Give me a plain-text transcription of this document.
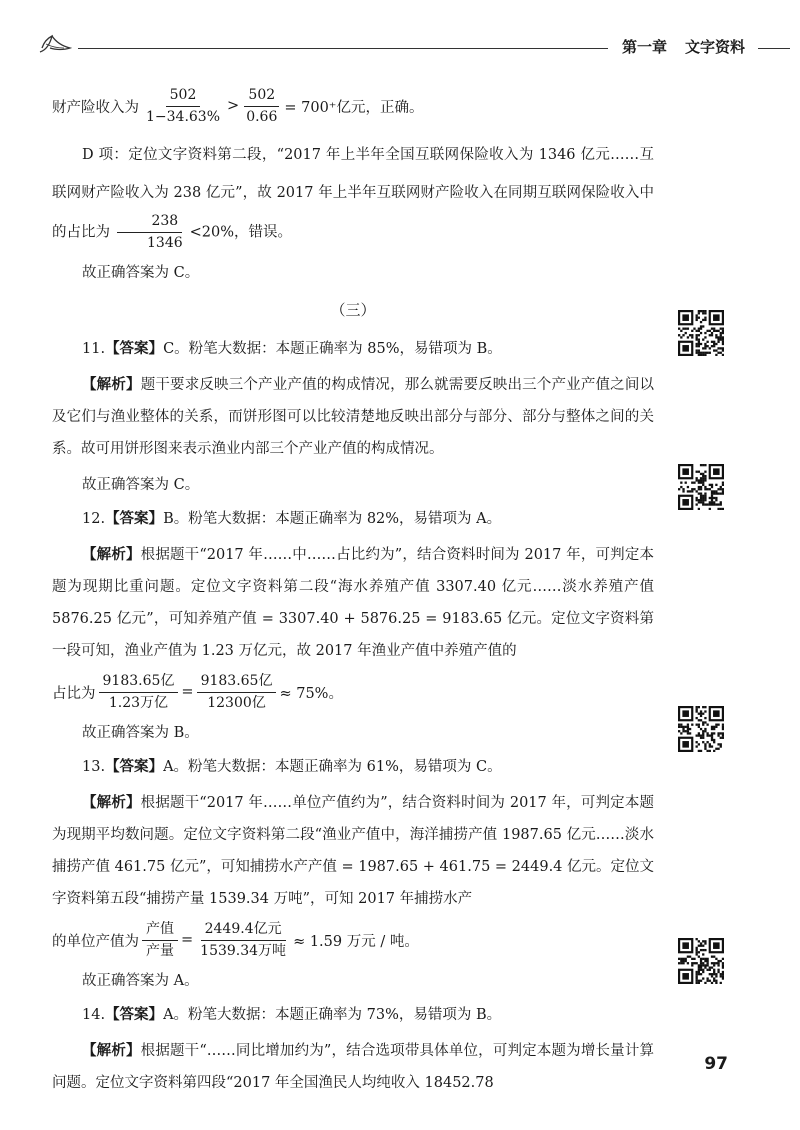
第一章 文字资料
财产险收入为 $\frac{502}{1-34.63\%} > \frac{502}{0.66} = 700^+$亿元，正确。

D 项：定位文字资料第二段，“2017 年上半年全国互联网保险收入为 1346 亿元……互联网财产险收入为 238 亿元”，故 2017 年上半年互联网财产险收入在同期互联网保险收入中的占比为 $\frac{238}{1346} <20\%$，错误。

故正确答案为 C。

（三）

11.【答案】C。粉笔大数据：本题正确率为 85%，易错项为 B。

【解析】题干要求反映三个产业产值的构成情况，那么就需要反映出三个产业产值之间以及它们与渔业整体的关系，而饼形图可以比较清楚地反映出部分与部分、部分与整体之间的关系。故可用饼形图来表示渔业内部三个产业产值的构成情况。

故正确答案为 C。

12.【答案】B。粉笔大数据：本题正确率为 82%，易错项为 A。

【解析】根据题干“2017 年……中……占比约为”，结合资料时间为 2017 年，可判定本题为现期比重问题。定位文字资料第二段“海水养殖产值 3307.40 亿元……淡水养殖产值 5876.25 亿元”，可知养殖产值 = 3307.40 + 5876.25 = 9183.65 亿元。定位文字资料第一段可知，渔业产值为 1.23 万亿元，故 2017 年渔业产值中养殖产值的

占比为 $\frac{\text{9183.65亿}}{\text{1.23万亿}} = \frac{\text{9183.65亿}}{\text{12300亿}} \approx 75\%$。

故正确答案为 B。

13.【答案】A。粉笔大数据：本题正确率为 61%，易错项为 C。

【解析】根据题干“2017 年……单位产值约为”，结合资料时间为 2017 年，可判定本题为现期平均数问题。定位文字资料第二段“渔业产值中，海洋捕捞产值 1987.65 亿元……淡水捕捞产值 461.75 亿元”，可知捕捞水产产值 = 1987.65 + 461.75 = 2449.4 亿元。定位文字资料第五段“捕捞产量 1539.34 万吨”，可知 2017 年捕捞水产

的单位产值为 $\frac{\text{产值}}{\text{产量}} = \frac{\text{2449.4亿元}}{\text{1539.34万吨}} \approx 1.59$ 万元 / 吨。

故正确答案为 A。

14.【答案】A。粉笔大数据：本题正确率为 73%，易错项为 B。

【解析】根据题干“……同比增加约为”，结合选项带具体单位，可判定本题为增长量计算问题。定位文字资料第四段“2017 年全国渔民人均纯收入 18452.78

97
